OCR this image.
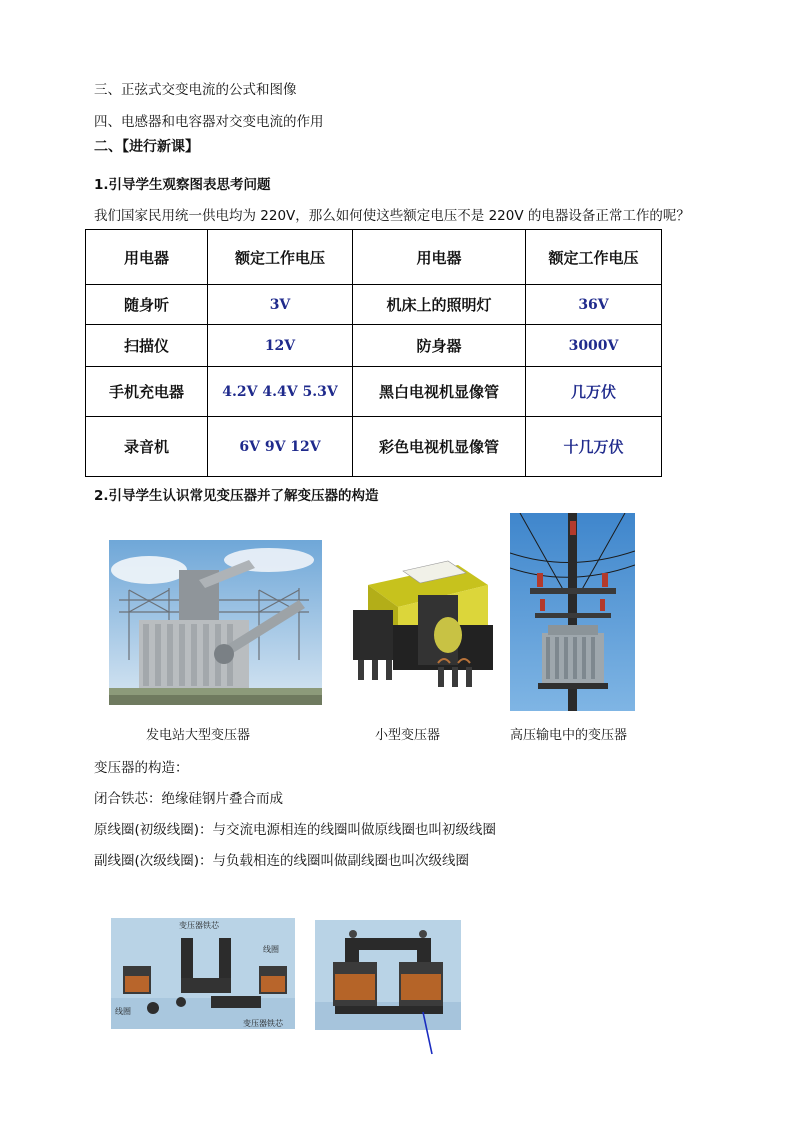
三、正弦式交变电流的公式和图像
四、电感器和电容器对交变电流的作用
二、【进行新课】
1.引导学生观察图表思考问题
我们国家民用统一供电均为 220V，那么如何使这些额定电压不是 220V 的电器设备正常工作的呢？
用电器	额定工作电压	用电器	额定工作电压
随身听	3V	机床上的照明灯	36V
扫描仪	12V	防身器	3000V
手机充电器	4.2V 4.4V 5.3V	黑白电视机显像管	几万伏
录音机	6V 9V 12V	彩色电视机显像管	十几万伏
2.引导学生认识常见变压器并了解变压器的构造
发电站大型变压器	小型变压器	高压输电中的变压器
变压器的构造：
闭合铁芯：绝缘硅钢片叠合而成
原线圈(初级线圈)：与交流电源相连的线圈叫做原线圈也叫初级线圈
副线圈(次级线圈)：与负载相连的线圈叫做副线圈也叫次级线圈
变压器铁芯
线圈
线圈
变压器铁芯
